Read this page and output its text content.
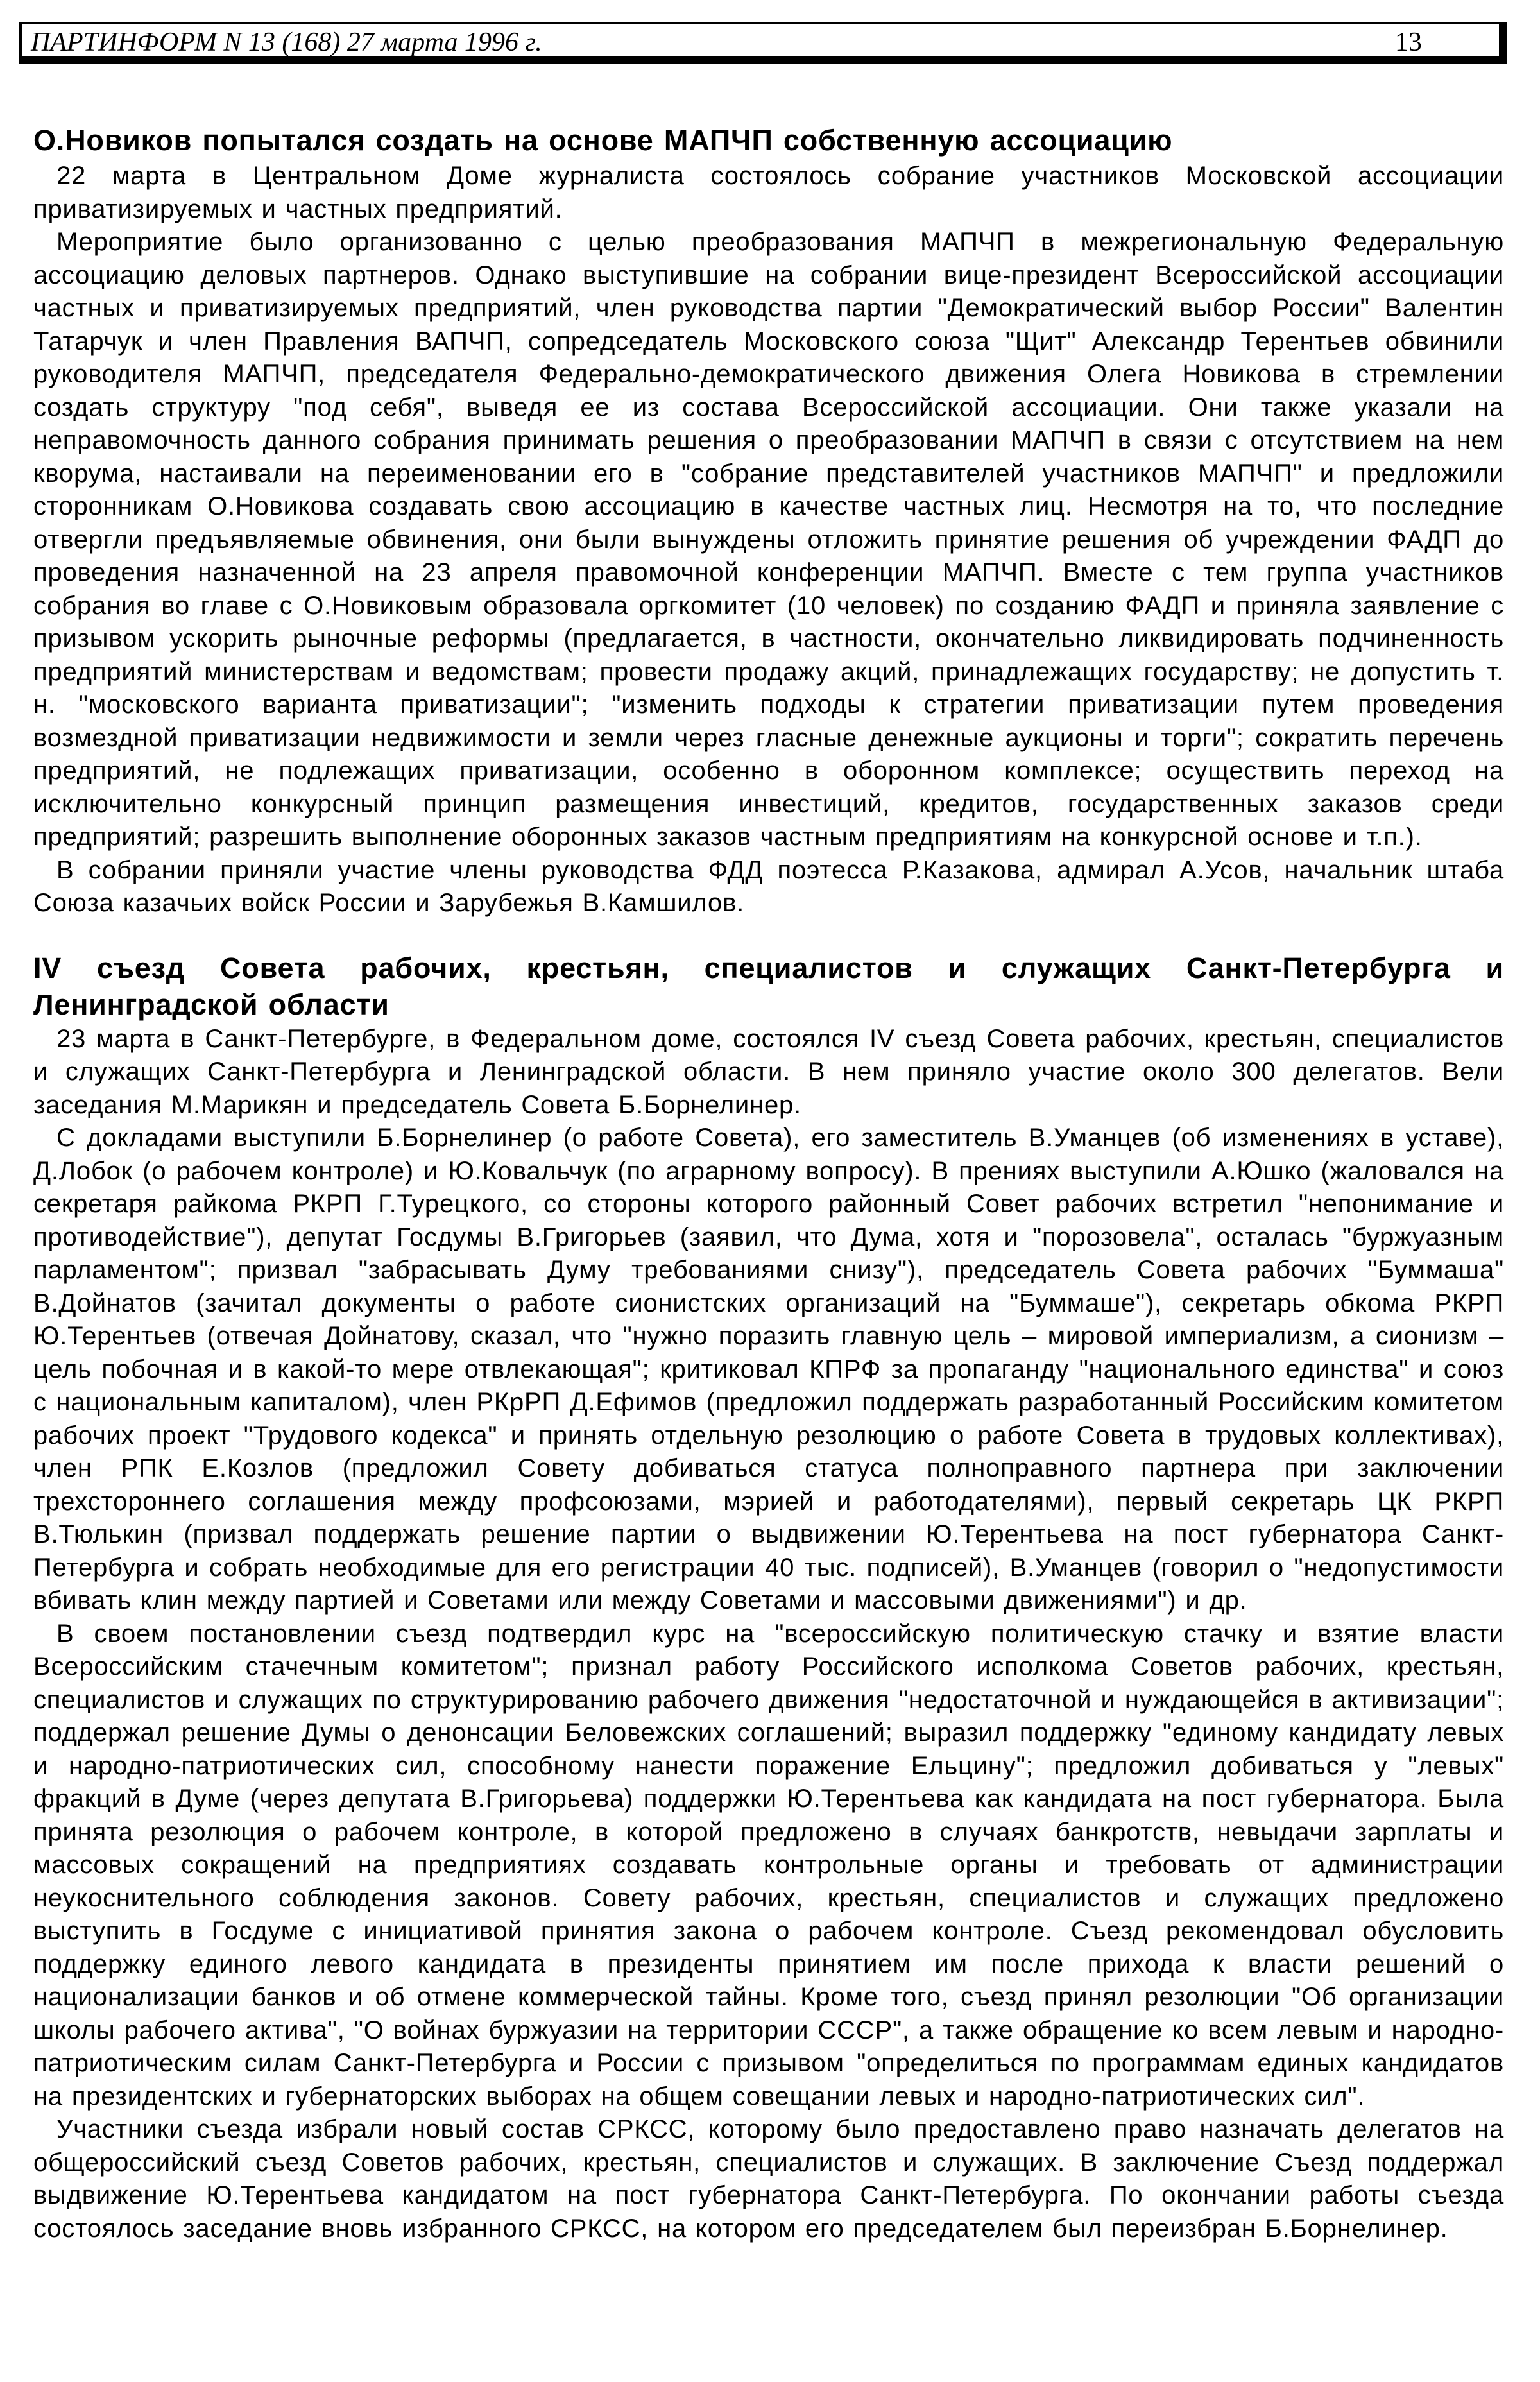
ПАРТИНФОРМ N 13 (168) 27 марта 1996 г.	13
О.Новиков попытался создать на основе МАПЧП собственную ассоциацию

22 марта в Центральном Доме журналиста состоялось собрание участников Московской ассоциации приватизируемых и частных предприятий.

Мероприятие было организованно с целью преобразования МАПЧП в межрегиональную Федеральную ассоциацию деловых партнеров. Однако выступившие на собрании вице-президент Всероссийской ассоциации частных и приватизируемых предприятий, член руководства партии "Демократический выбор России" Валентин Татарчук и член Правления ВАПЧП, сопредседатель Московского союза "Щит" Александр Терентьев обвинили руководителя МАПЧП, председателя Федерально-демократического движения Олега Новикова в стремлении создать структуру "под себя", выведя ее из состава Всероссийской ассоциации. Они также указали на неправомочность данного собрания принимать решения о преобразовании МАПЧП в связи с отсутствием на нем кворума, настаивали на переименовании его в "собрание представителей участников МАПЧП" и предложили сторонникам О.Новикова создавать свою ассоциацию в качестве частных лиц. Несмотря на то, что последние отвергли предъявляемые обвинения, они были вынуждены отложить принятие решения об учреждении ФАДП до проведения назначенной на 23 апреля правомочной конференции МАПЧП. Вместе с тем группа участников собрания во главе с О.Новиковым образовала оргкомитет (10 человек) по созданию ФАДП и приняла заявление с призывом ускорить рыночные реформы (предлагается, в частности, окончательно ликвидировать подчиненность предприятий министерствам и ведомствам; провести продажу акций, принадлежащих государству; не допустить т. н. "московского варианта приватизации"; "изменить подходы к стратегии приватизации путем проведения возмездной приватизации недвижимости и земли через гласные денежные аукционы и торги"; сократить перечень предприятий, не подлежащих приватизации, особенно в оборонном комплексе; осуществить переход на исключительно конкурсный принцип размещения инвестиций, кредитов, государственных заказов среди предприятий; разрешить выполнение оборонных заказов частным предприятиям на конкурсной основе и т.п.).

В собрании приняли участие члены руководства ФДД поэтесса Р.Казакова, адмирал А.Усов, начальник штаба Союза казачьих войск России и Зарубежья В.Камшилов.

IV съезд Совета рабочих, крестьян, специалистов и служащих Санкт-Петербурга и Ленинградской области

23 марта в Санкт-Петербурге, в Федеральном доме, состоялся IV съезд Совета рабочих, крестьян, специалистов и служащих Санкт-Петербурга и Ленинградской области. В нем приняло участие около 300 делегатов. Вели заседания М.Марикян и председатель Совета Б.Борнелинер.

С докладами выступили Б.Борнелинер (о работе Совета), его заместитель В.Уманцев (об изменениях в уставе), Д.Лобок (о рабочем контроле) и Ю.Ковальчук (по аграрному вопросу). В прениях выступили А.Юшко (жаловался на секретаря райкома РКРП Г.Турецкого, со стороны которого районный Совет рабочих встретил "непонимание и противодействие"), депутат Госдумы В.Григорьев (заявил, что Дума, хотя и "порозовела", осталась "буржуазным парламентом"; призвал "забрасывать Думу требованиями снизу"), председатель Совета рабочих "Буммаша" В.Дойнатов (зачитал документы о работе сионистских организаций на "Буммаше"), секретарь обкома РКРП Ю.Терентьев (отвечая Дойнатову, сказал, что "нужно поразить главную цель – мировой империализм, а сионизм – цель побочная и в какой-то мере отвлекающая"; критиковал КПРФ за пропаганду "национального единства" и союз с национальным капиталом), член РКрРП Д.Ефимов (предложил поддержать разработанный Российским комитетом рабочих проект "Трудового кодекса" и принять отдельную резолюцию о работе Совета в трудовых коллективах), член РПК Е.Козлов (предложил Совету добиваться статуса полноправного партнера при заключении трехстороннего соглашения между профсоюзами, мэрией и работодателями), первый секретарь ЦК РКРП В.Тюлькин (призвал поддержать решение партии о выдвижении Ю.Терентьева на пост губернатора Санкт-Петербурга и собрать необходимые для его регистрации 40 тыс. подписей), В.Уманцев (говорил о "недопустимости вбивать клин между партией и Советами или между Советами и массовыми движениями") и др.

В своем постановлении съезд подтвердил курс на "всероссийскую политическую стачку и взятие власти Всероссийским стачечным комитетом"; признал работу Российского исполкома Советов рабочих, крестьян, специалистов и служащих по структурированию рабочего движения "недостаточной и нуждающейся в активизации"; поддержал решение Думы о денонсации Беловежских соглашений; выразил поддержку "единому кандидату левых и народно-патриотических сил, способному нанести поражение Ельцину"; предложил добиваться у "левых" фракций в Думе (через депутата В.Григорьева) поддержки Ю.Терентьева как кандидата на пост губернатора. Была принята резолюция о рабочем контроле, в которой предложено в случаях банкротств, невыдачи зарплаты и массовых сокращений на предприятиях создавать контрольные органы и требовать от администрации неукоснительного соблюдения законов. Совету рабочих, крестьян, специалистов и служащих предложено выступить в Госдуме с инициативой принятия закона о рабочем контроле. Съезд рекомендовал обусловить поддержку единого левого кандидата в президенты принятием им после прихода к власти решений о национализации банков и об отмене коммерческой тайны. Кроме того, съезд принял резолюции "Об организации школы рабочего актива", "О войнах буржуазии на территории СССР", а также обращение ко всем левым и народно-патриотическим силам Санкт-Петербурга и России с призывом "определиться по программам единых кандидатов на президентских и губернаторских выборах на общем совещании левых и народно-патриотических сил".

Участники съезда избрали новый состав СРКСС, которому было предоставлено право назначать делегатов на общероссийский съезд Советов рабочих, крестьян, специалистов и служащих. В заключение Съезд поддержал выдвижение Ю.Терентьева кандидатом на пост губернатора Санкт-Петербурга. По окончании работы съезда состоялось заседание вновь избранного СРКСС, на котором его председателем был переизбран Б.Борнелинер.
